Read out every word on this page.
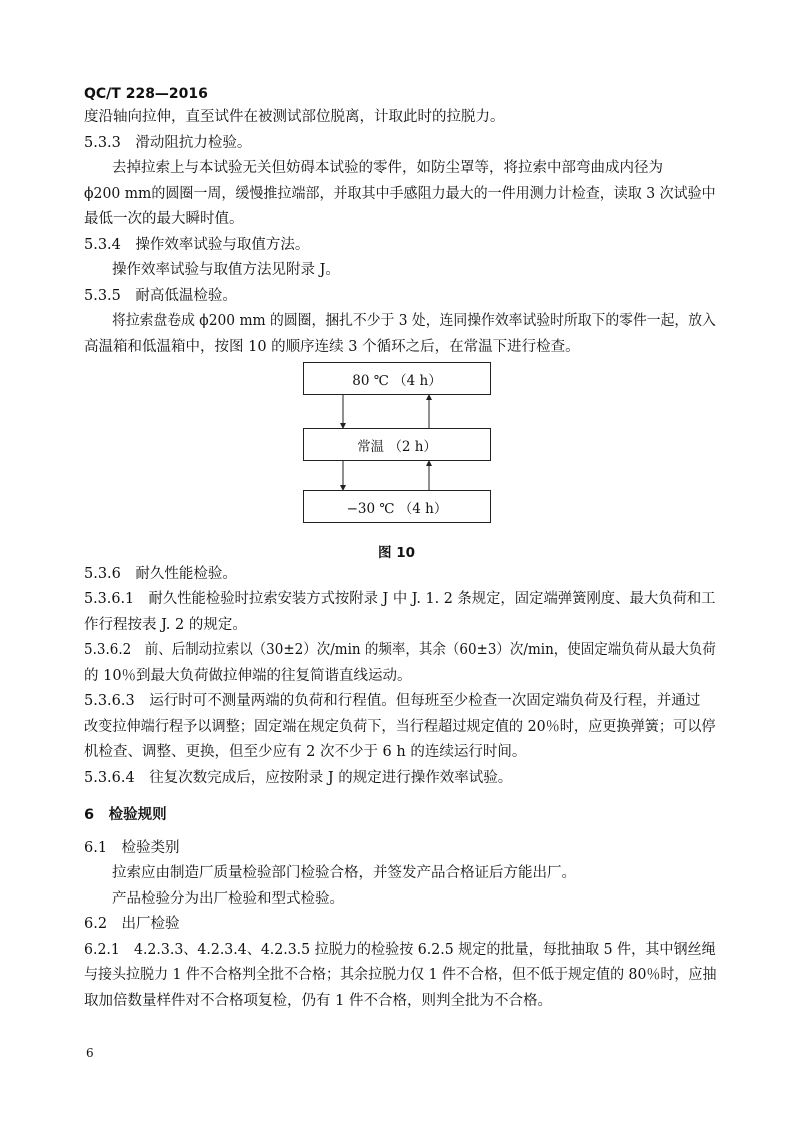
QC/T 228—2016
度沿轴向拉伸，直至试件在被测试部位脱离，计取此时的拉脱力。
5.3.3　滑动阻抗力检验。
去掉拉索上与本试验无关但妨碍本试验的零件，如防尘罩等，将拉索中部弯曲成内径为
ϕ200 mm的圆圈一周，缓慢推拉端部，并取其中手感阻力最大的一件用测力计检查，读取 3 次试验中
最低一次的最大瞬时值。
5.3.4　操作效率试验与取值方法。
操作效率试验与取值方法见附录 J。
5.3.5　耐高低温检验。
将拉索盘卷成 ϕ200 mm 的圆圈，捆扎不少于 3 处，连同操作效率试验时所取下的零件一起，放入
高温箱和低温箱中，按图 10 的顺序连续 3 个循环之后，在常温下进行检查。
80 ℃ （4 h）
常温 （2 h）
−30 ℃ （4 h）
图 10
5.3.6　耐久性能检验。
5.3.6.1　耐久性能检验时拉索安装方式按附录 J 中 J. 1. 2 条规定，固定端弹簧刚度、最大负荷和工
作行程按表 J. 2 的规定。
5.3.6.2　前、后制动拉索以（30±2）次/min 的频率，其余（60±3）次/min，使固定端负荷从最大负荷
的 10％到最大负荷做拉伸端的往复简谐直线运动。
5.3.6.3　运行时可不测量两端的负荷和行程值。但每班至少检查一次固定端负荷及行程，并通过
改变拉伸端行程予以调整；固定端在规定负荷下，当行程超过规定值的 20％时，应更换弹簧；可以停
机检查、调整、更换，但至少应有 2 次不少于 6 h 的连续运行时间。
5.3.6.4　往复次数完成后，应按附录 J 的规定进行操作效率试验。
6　检验规则
6.1　检验类别
拉索应由制造厂质量检验部门检验合格，并签发产品合格证后方能出厂。
产品检验分为出厂检验和型式检验。
6.2　出厂检验
6.2.1　4.2.3.3、4.2.3.4、4.2.3.5 拉脱力的检验按 6.2.5 规定的批量，每批抽取 5 件，其中钢丝绳
与接头拉脱力 1 件不合格判全批不合格；其余拉脱力仅 1 件不合格，但不低于规定值的 80％时，应抽
取加倍数量样件对不合格项复检，仍有 1 件不合格，则判全批为不合格。
6
